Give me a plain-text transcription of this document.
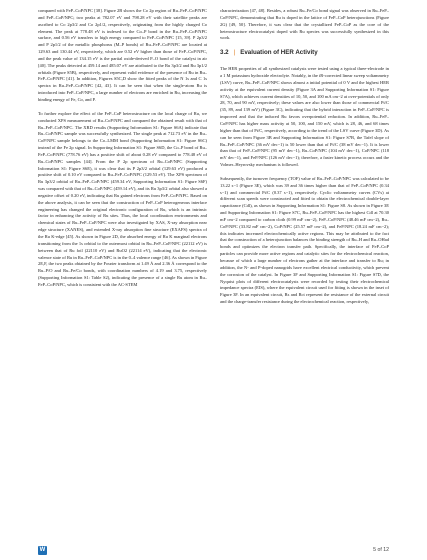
compared with FeP–CoP/NPC [38]. Figure 2B shows the Co 2p region of Ru–FeP–CoP/NPC and FeP–CoP/NPC; two peaks at 782.07 eV and 798.28 eV with their satellite peaks are ascribed to Co 2p3/2 and Co 2p1/2, respectively, originating from the highly charged Co element. The peak at 778.48 eV is indexed to the Co–P bond in the Ru–FeP–CoP/NPC surface, and 0.56 eV transfers to high energy compared to FeP–CoP/NPC [15, 39]. P 2p3/2 and P 2p1/2 of the metallic phosphorus (M–P bonds) of Ru–FeP–CoP/NPC are located at 129.63 and 130.44 eV, respectively, which are 0.52 eV higher than those of FeP–CoP/NPC, and the peak value of 134.15 eV is the partial oxide-derived P–O bond of the catalyst in air [40]. The peaks detected at 459.14 and 485.07 eV are attributed to the Ru 3p3/2 and Ru 3p1/2 orbitals (Figure S5B), respectively, and represent valid evidence of the presence of Ru in Ru–FeP–CoP/NPC [41]. In addition, Figures S5C,D show the fitted peaks of the N 1s and C 1s spectra in Ru–FeP–CoP/NPC [42, 43]. It can be seen that when the single-atom Ru is introduced into FeP–CoP/NPC, a large number of electrons are enriched in Ru, increasing the binding energy of Fe, Co, and P.

To further explore the effect of the FeP–CoP heterostructure on the local charge of Ru, we conducted XPS measurement of Ru–CoP/NPC and compared the obtained result with that of Ru–FeP–CoP/NPC. The XRD results (Supporting Information S1: Figure S6A) indicate that Ru–CoP/NPC sample was successfully synthesized. The single peak at 712.73 eV in the Ru–CoP/NPC sample belongs to the Co–LMM bond (Supporting Information S1: Figure S6C) instead of the Fe 2p signal. In Supporting Information S1: Figure S6D, the Co–P bond of Ru–FeP–CoP/NPC (778.76 eV) has a positive shift of about 0.28 eV compared to 778.48 eV of Ru–CoP/NPC samples [44]. From the P 2p spectrum of Ru–CoP/NPC (Supporting Information S1: Figure S6E), it was clear that its P 2p3/2 orbital (129.63 eV) produced a positive shift of 0.10 eV compared to Ru–FeP–CoP/NPC (129.53 eV). The XPS spectrum of Ru 3p3/2 orbital of Ru–FeP–CoP/NPC (459.34 eV, Supporting Information S1: Figure S6F) was compared with that of Ru–CoP/NPC (459.14 eV), and its Ru 3p3/2 orbital also showed a negative offset of 0.20 eV, indicating that Ru gained electrons from FeP–CoP/NPC. Based on the above analysis, it can be seen that the construction of FeP–CoP heterogeneous interface engineering has changed the original electronic configuration of Ru, which is an intrinsic factor in enhancing the activity of Ru sites. Thus, the local coordination environments and chemical states of Ru–FeP–CoP/NPC were also investigated by XAS, X-ray absorption near edge structure (XANES), and extended X-ray absorption fine structure (EXAFS) spectra of the Ru K-edge [45]. As shown in Figure 2D, the absorbed energy of Ru K marginal electrons transitioning from the 1s orbital to the outermost orbital in Ru–FeP–CoP/NPC (22112 eV) is between that of Ru foil (22110 eV) and RuO2 (22114 eV), indicating that the electronic valence state of Ru in Ru–FeP–CoP/NPC is in the 0–4 valence range [46]. As shown in Figure 2E,F, the two peaks obtained by the Fourier transform at 1.49 Å and 2.36 Å correspond to the Ru–P/O and Ru–Fe/Co bonds, with coordination numbers of 4.19 and 3.75, respectively (Supporting Information S1: Table S2), indicating the presence of a single Ru atom in Ru–FeP–CoP/NPC, which is consistent with the AC-STEM

characterization [47, 48]. Besides, a robust Ru–Fe/Co bond signal was observed in Ru–FeP–CoP/NPC, demonstrating that Ru is doped in the lattice of FeP–CoP heterojunctions (Figure 2G) [49, 50]. Therefore, it was clear that the crystallized FeP–CoP as the core of the heterostructure electrocatalyst doped with Ru species was successfully synthesized in this work.

3.2 | Evaluation of HER Activity

The HER properties of all synthesized catalysts were tested using a typical three-electrode in a 1 M potassium hydroxide electrolyte. Notably, in the iR-corrected linear sweep voltammetry (LSV) curve, Ru–FeP–CoP/NPC shows almost a initial potential of 0 V and the highest HER activity at the equivalent current density (Figure 3A and Supporting Information S1: Figure S7A), which achieves current densities of 10, 50, and 100 mA cm−2 at over-potentials of only 28, 70, and 90 mV, respectively; these values are also lower than those of commercial Pt/C (35, 89, and 139 mV) (Figure 3C), indicating that the hybrid interaction in FeP–CoP/NPC is improved and that the induced Ru favors overpotential reduction. In addition, Ru–FeP–CoP/NPC has higher mass activity at 50, 100, and 150 mV, which is 28, 46, and 68 times higher than that of Pt/C, respectively, according to the trend of the LSV curve (Figure 3D). As can be seen from Figure 3B and Supporting Information S1: Figure S7B, the Tafel slope of Ru–FeP–CoP/NPC (36 mV dec−1) is 50 lower than that of Pt/C (38 mV dec−1). It is lower than that of FeP–CoP/NPC (95 mV dec−1), Ru–CoP/NPC (104 mV dec−1), CoP/NPC (118 mV dec−1), and FeP/NPC (126 mV dec−1); therefore, a faster kinetic process occurs and the Volmer–Heyrovsky mechanism is followed.

Subsequently, the turnover frequency (TOF) value of Ru–FeP–CoP/NPC was calculated to be 13.22 s−1 (Figure 3E), which was 39 and 36 times higher than that of FeP–CoP/NPC (0.34 s−1) and commercial Pt/C (0.37 s−1), respectively. Cyclic voltammetry curves (CVs) at different scan speeds were constructed and fitted to obtain the electrochemical double-layer capacitance (Cdl), as shown in Supporting Information S1: Figure S8. As shown in Figure 3E and Supporting Information S1: Figure S7C, Ru–FeP–CoP/NPC has the highest Cdl at 70.30 mF cm−2 compared to carbon cloth (0.99 mF cm−2), FeP–CoP/NPC (48.46 mF cm−2), Ru–CoP/NPC (33.82 mF cm−2), CoP/NPC (25.57 mF cm−2), and FeP/NPC (18.24 mF cm−2); this indicates increased electrochemically active regions. This may be attributed to the fact that the construction of a heterojunction balances the binding strength of Ru–H and Ru–OHad bonds and optimizes the electron transfer path. Specifically, the interface of FeP–CoP particles can provide more active regions and catalytic sites for the electrochemical reaction, because of which a large number of electrons gather at the interface and transfer to Ru; in addition, the N- and P-doped nanogrids have excellent electrical conductivity, which prevent the corrosion of the catalyst. In Figure 3F and Supporting Information S1: Figure S7D, the Nyquist plots of different electrocatalysts were recorded by testing their electrochemical impedance spectra (EIS), where the equivalent circuit used for fitting is shown in the inset of Figure 3F. In an equivalent circuit, Rs and Rct represent the resistance of the external circuit and the charge-transfer resistance during the electrochemical reaction, respectively,

W	5 of 12
